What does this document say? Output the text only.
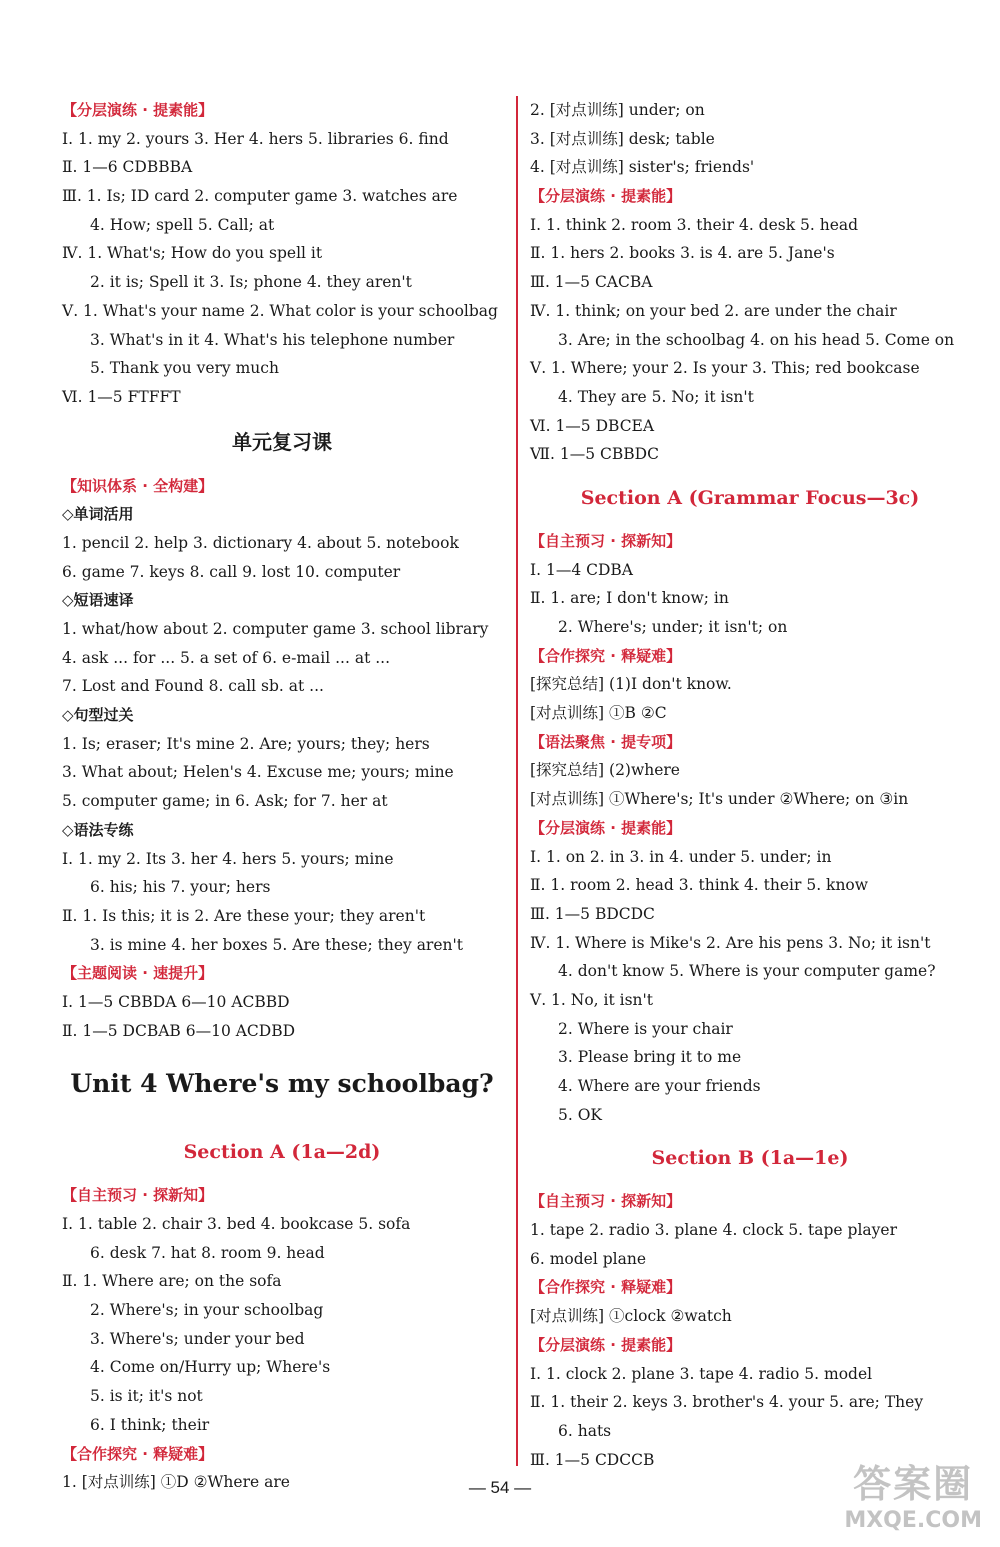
【分层演练 · 提素能】
Ⅰ. 1. my 2. yours 3. Her 4. hers 5. libraries 6. find
Ⅱ. 1—6 CDBBBA
Ⅲ. 1. Is; ID card 2. computer game 3. watches are
4. How; spell 5. Call; at
Ⅳ. 1. What's; How do you spell it
2. it is; Spell it 3. Is; phone 4. they aren't
Ⅴ. 1. What's your name 2. What color is your schoolbag
3. What's in it 4. What's his telephone number
5. Thank you very much
Ⅵ. 1—5 FTFFT
单元复习课
【知识体系 · 全构建】
◇单词活用
1. pencil 2. help 3. dictionary 4. about 5. notebook
6. game 7. keys 8. call 9. lost 10. computer
◇短语速译
1. what/how about 2. computer game 3. school library
4. ask ... for ... 5. a set of 6. e-mail ... at ...
7. Lost and Found 8. call sb. at ...
◇句型过关
1. Is; eraser; It's mine 2. Are; yours; they; hers
3. What about; Helen's 4. Excuse me; yours; mine
5. computer game; in 6. Ask; for 7. her at
◇语法专练
Ⅰ. 1. my 2. Its 3. her 4. hers 5. yours; mine
6. his; his 7. your; hers
Ⅱ. 1. Is this; it is 2. Are these your; they aren't
3. is mine 4. her boxes 5. Are these; they aren't
【主题阅读 · 速提升】
Ⅰ. 1—5 CBBDA 6—10 ACBBD
Ⅱ. 1—5 DCBAB 6—10 ACDBD
Unit 4 Where's my schoolbag?
Section A (1a—2d)
【自主预习 · 探新知】
Ⅰ. 1. table 2. chair 3. bed 4. bookcase 5. sofa
6. desk 7. hat 8. room 9. head
Ⅱ. 1. Where are; on the sofa
2. Where's; in your schoolbag
3. Where's; under your bed
4. Come on/Hurry up; Where's
5. is it; it's not
6. I think; their
【合作探究 · 释疑难】
1. [对点训练] ①D ②Where are
2. [对点训练] under; on
3. [对点训练] desk; table
4. [对点训练] sister's; friends'
【分层演练 · 提素能】
Ⅰ. 1. think 2. room 3. their 4. desk 5. head
Ⅱ. 1. hers 2. books 3. is 4. are 5. Jane's
Ⅲ. 1—5 CACBA
Ⅳ. 1. think; on your bed 2. are under the chair
3. Are; in the schoolbag 4. on his head 5. Come on
Ⅴ. 1. Where; your 2. Is your 3. This; red bookcase
4. They are 5. No; it isn't
Ⅵ. 1—5 DBCEA
Ⅶ. 1—5 CBBDC
Section A (Grammar Focus—3c)
【自主预习 · 探新知】
Ⅰ. 1—4 CDBA
Ⅱ. 1. are; I don't know; in
2. Where's; under; it isn't; on
【合作探究 · 释疑难】
[探究总结] (1)I don't know.
[对点训练] ①B ②C
【语法聚焦 · 提专项】
[探究总结] (2)where
[对点训练] ①Where's; It's under ②Where; on ③in
【分层演练 · 提素能】
Ⅰ. 1. on 2. in 3. in 4. under 5. under; in
Ⅱ. 1. room 2. head 3. think 4. their 5. know
Ⅲ. 1—5 BDCDC
Ⅳ. 1. Where is Mike's 2. Are his pens 3. No; it isn't
4. don't know 5. Where is your computer game?
Ⅴ. 1. No, it isn't
2. Where is your chair
3. Please bring it to me
4. Where are your friends
5. OK
Section B (1a—1e)
【自主预习 · 探新知】
1. tape 2. radio 3. plane 4. clock 5. tape player
6. model plane
【合作探究 · 释疑难】
[对点训练] ①clock ②watch
【分层演练 · 提素能】
Ⅰ. 1. clock 2. plane 3. tape 4. radio 5. model
Ⅱ. 1. their 2. keys 3. brother's 4. your 5. are; They
6. hats
Ⅲ. 1—5 CDCCB
— 54 —	答案圈
MXQE.COM
